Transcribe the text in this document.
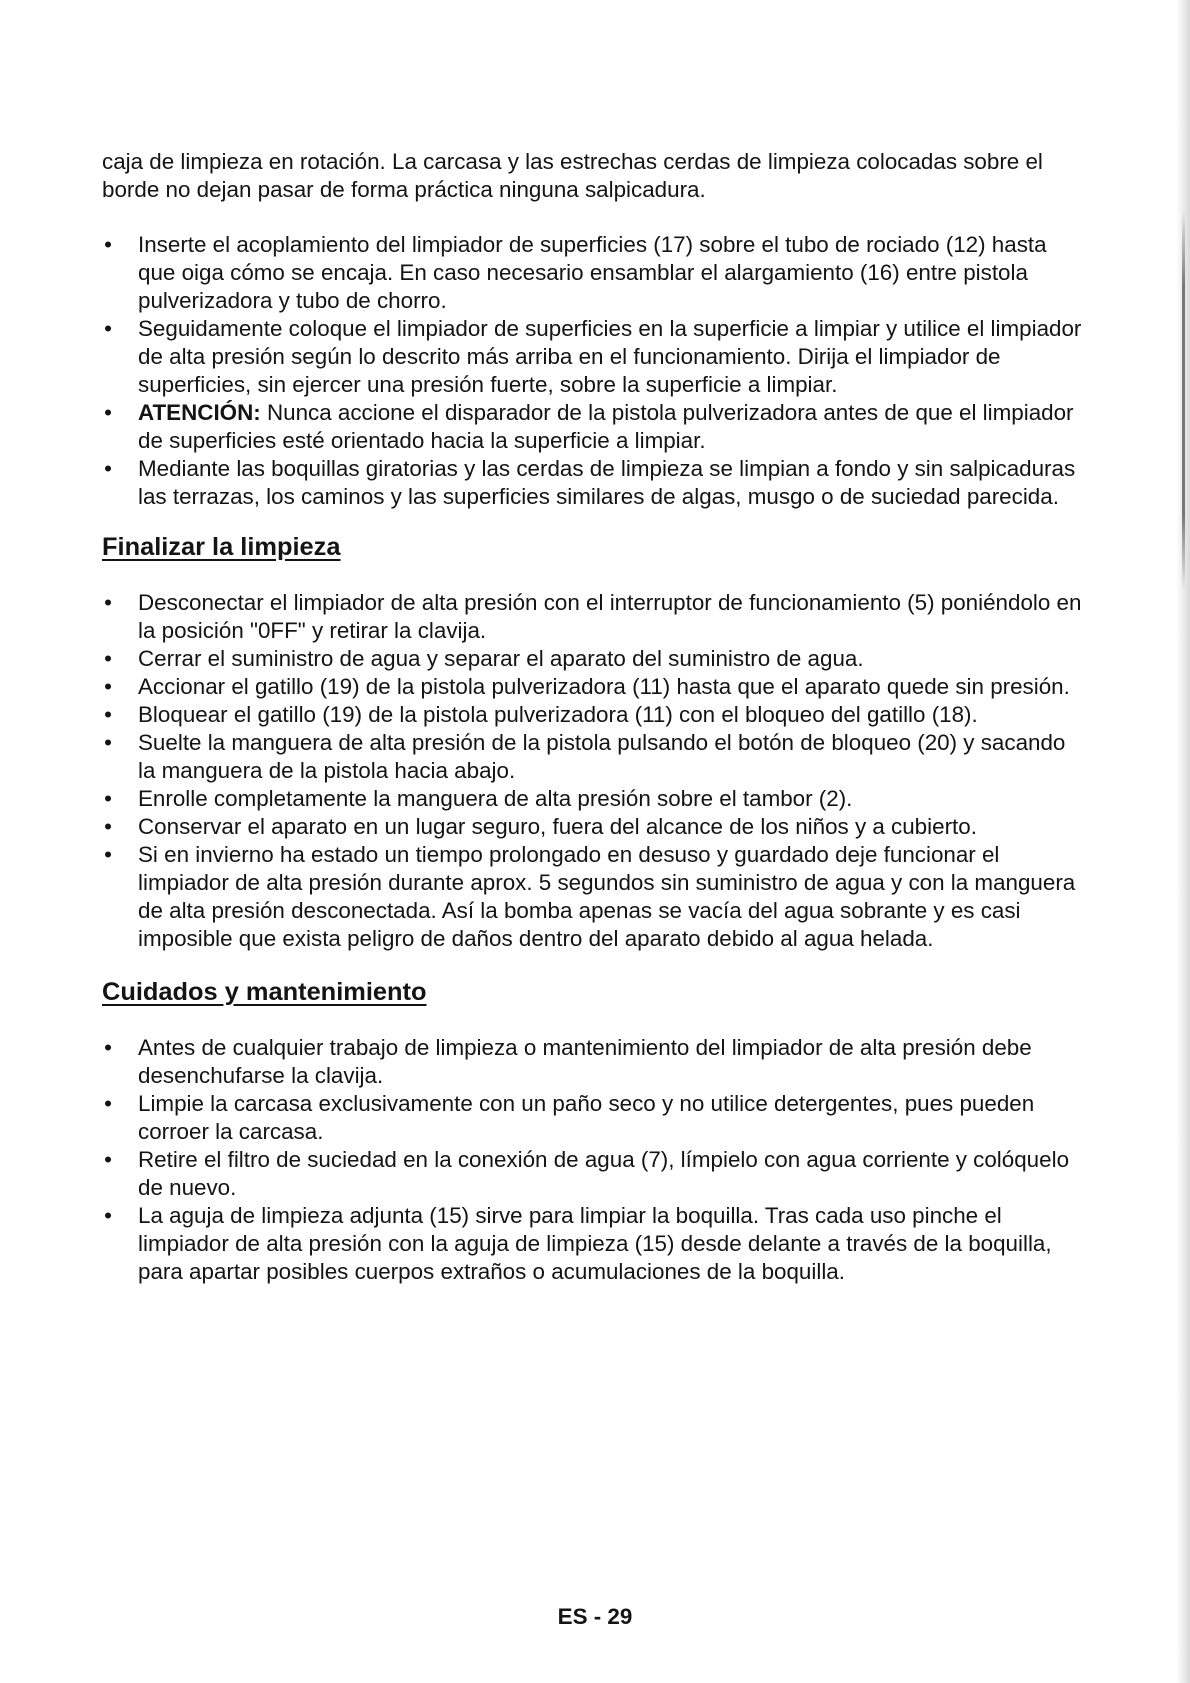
caja de limpieza en rotación. La carcasa y las estrechas cerdas de limpieza colocadas sobre el borde no dejan pasar de forma práctica ninguna salpicadura.

• Inserte el acoplamiento del limpiador de superficies (17) sobre el tubo de rociado (12) hasta que oiga cómo se encaja. En caso necesario ensamblar el alargamiento (16) entre pistola pulverizadora y tubo de chorro.
• Seguidamente coloque el limpiador de superficies en la superficie a limpiar y utilice el limpiador de alta presión según lo descrito más arriba en el funcionamiento. Dirija el limpiador de superficies, sin ejercer una presión fuerte, sobre la superficie a limpiar.
• ATENCIÓN: Nunca accione el disparador de la pistola pulverizadora antes de que el limpiador de superficies esté orientado hacia la superficie a limpiar.
• Mediante las boquillas giratorias y las cerdas de limpieza se limpian a fondo y sin salpicaduras las terrazas, los caminos y las superficies similares de algas, musgo o de suciedad parecida.
Finalizar la limpieza
• Desconectar el limpiador de alta presión con el interruptor de funcionamiento (5) poniéndolo en la posición "0FF" y retirar la clavija.
• Cerrar el suministro de agua y separar el aparato del suministro de agua.
• Accionar el gatillo (19) de la pistola pulverizadora (11) hasta que el aparato quede sin presión.
• Bloquear el gatillo (19) de la pistola pulverizadora (11) con el bloqueo del gatillo (18).
• Suelte la manguera de alta presión de la pistola pulsando el botón de bloqueo (20) y sacando la manguera de la pistola hacia abajo.
• Enrolle completamente la manguera de alta presión sobre el tambor (2).
• Conservar el aparato en un lugar seguro, fuera del alcance de los niños y a cubierto.
• Si en invierno ha estado un tiempo prolongado en desuso y guardado deje funcionar el limpiador de alta presión durante aprox. 5 segundos sin suministro de agua y con la manguera de alta presión desconectada. Así la bomba apenas se vacía del agua sobrante y es casi imposible que exista peligro de daños dentro del aparato debido al agua helada.
Cuidados y mantenimiento
• Antes de cualquier trabajo de limpieza o mantenimiento del limpiador de alta presión debe desenchufarse la clavija.
• Limpie la carcasa exclusivamente con un paño seco y no utilice detergentes, pues pueden corroer la carcasa.
• Retire el filtro de suciedad en la conexión de agua (7), límpielo con agua corriente y colóquelo de nuevo.
• La aguja de limpieza adjunta (15) sirve para limpiar la boquilla. Tras cada uso pinche el limpiador de alta presión con la aguja de limpieza (15) desde delante a través de la boquilla, para apartar posibles cuerpos extraños o acumulaciones de la boquilla.
ES - 29
